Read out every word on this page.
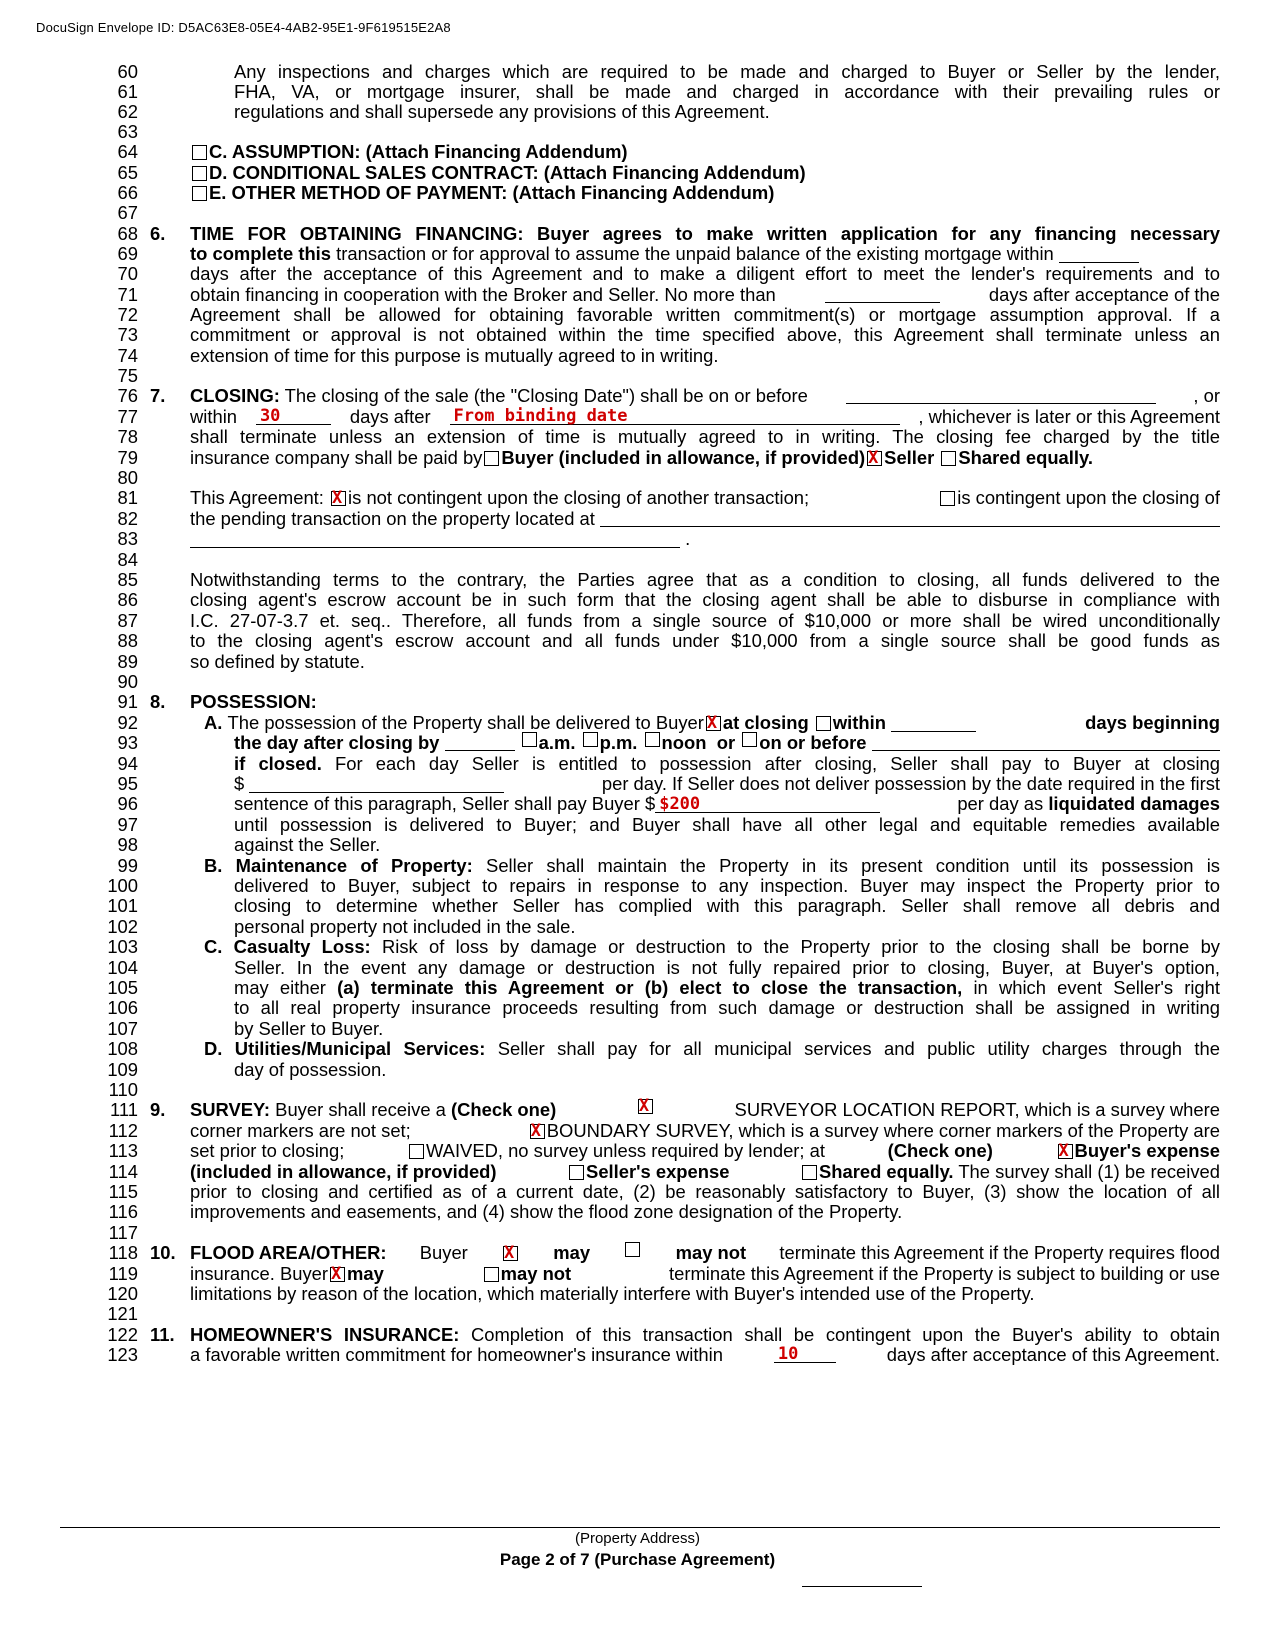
DocuSign Envelope ID: D5AC63E8-05E4-4AB2-95E1-9F619515E2A8
60	Any inspections and charges which are required to be made and charged to Buyer or Seller by the lender,
61	FHA, VA, or mortgage insurer, shall be made and charged in accordance with their prevailing rules or
62	regulations and shall supersede any provisions of this Agreement.
63
64	C. ASSUMPTION: (Attach Financing Addendum)
65	D. CONDITIONAL SALES CONTRACT: (Attach Financing Addendum)
66	E. OTHER METHOD OF PAYMENT: (Attach Financing Addendum)
67
68 6. TIME FOR OBTAINING FINANCING: Buyer agrees to make written application for any financing necessary
69	to complete this transaction or for approval to assume the unpaid balance of the existing mortgage within
70	days after the acceptance of this Agreement and to make a diligent effort to meet the lender's requirements and to
71	obtain financing in cooperation with the Broker and Seller. No more than	days after acceptance of the
72	Agreement shall be allowed for obtaining favorable written commitment(s) or mortgage assumption approval. If a
73	commitment or approval is not obtained within the time specified above, this Agreement shall terminate unless an
74	extension of time for this purpose is mutually agreed to in writing.
75
76 7. CLOSING: The closing of the sale (the "Closing Date") shall be on or before	, or
77	within 30	days after From binding date	, whichever is later or this Agreement
78	shall terminate unless an extension of time is mutually agreed to in writing. The closing fee charged by the title
79	insurance company shall be paid by Buyer (included in allowance, if provided) X Seller Shared equally.
80
81	This Agreement: X is not contingent upon the closing of another transaction;	is contingent upon the closing of
82	the pending transaction on the property located at

83	.
84
85	Notwithstanding terms to the contrary, the Parties agree that as a condition to closing, all funds delivered to the
86	closing agent's escrow account be in such form that the closing agent shall be able to disburse in compliance with
87	I.C. 27-07-3.7 et. seq.. Therefore, all funds from a single source of $10,000 or more shall be wired unconditionally
88	to the closing agent's escrow account and all funds under $10,000 from a single source shall be good funds as
89	so defined by statute.
90
91 8. POSSESSION:
92	A. The possession of the Property shall be delivered to Buyer X at closing within	days beginning
93	the day after closing by

	a.m.
p.m.
noon
or
on or before

94	if closed. For each day Seller is entitled to possession after closing, Seller shall pay to Buyer at closing
95	$	per day. If Seller does not deliver possession by the date required in the first
96	sentence of this paragraph, Seller shall pay Buyer $ $200	per day as liquidated damages
97	until possession is delivered to Buyer; and Buyer shall have all other legal and equitable remedies available
98	against the Seller.
99	B. Maintenance of Property: Seller shall maintain the Property in its present condition until its possession is
100	delivered to Buyer, subject to repairs in response to any inspection. Buyer may inspect the Property prior to
101	closing to determine whether Seller has complied with this paragraph. Seller shall remove all debris and
102	personal property not included in the sale.
103	C. Casualty Loss: Risk of loss by damage or destruction to the Property prior to the closing shall be borne by
104	Seller. In the event any damage or destruction is not fully repaired prior to closing, Buyer, at Buyer's option,
105	may either (a) terminate this Agreement or (b) elect to close the transaction, in which event Seller's right
106	to all real property insurance proceeds resulting from such damage or destruction shall be assigned in writing
107	by Seller to Buyer.
108	D. Utilities/Municipal Services: Seller shall pay for all municipal services and public utility charges through the
109	day of possession.
110
111 9. SURVEY: Buyer shall receive a (Check one) X	SURVEYOR LOCATION REPORT, which is a survey where
112	corner markers are not set; X	BOUNDARY SURVEY, which is a survey where corner markers of the Property are
113	set prior to closing;	WAIVED, no survey unless required by lender; at	(Check one) X	Buyer's expense
114	(included in allowance, if provided)	Seller's expense	Shared equally. The survey shall (1) be received
115	prior to closing and certified as of a current date, (2) be reasonably satisfactory to Buyer, (3) show the location of all
116	improvements and easements, and (4) show the flood zone designation of the Property.
117
118 10. FLOOD AREA/OTHER: Buyer X	may	may not terminate this Agreement if the Property requires flood
119	insurance. Buyer X may	may not	terminate this Agreement if the Property is subject to building or use
120	limitations by reason of the location, which materially interfere with Buyer's intended use of the Property.
121
122 11. HOMEOWNER'S INSURANCE: Completion of this transaction shall be contingent upon the Buyer's ability to obtain
123	a favorable written commitment for homeowner's insurance within	10	days after acceptance of this Agreement.
(Property Address)
Page 2 of 7 (Purchase Agreement)
